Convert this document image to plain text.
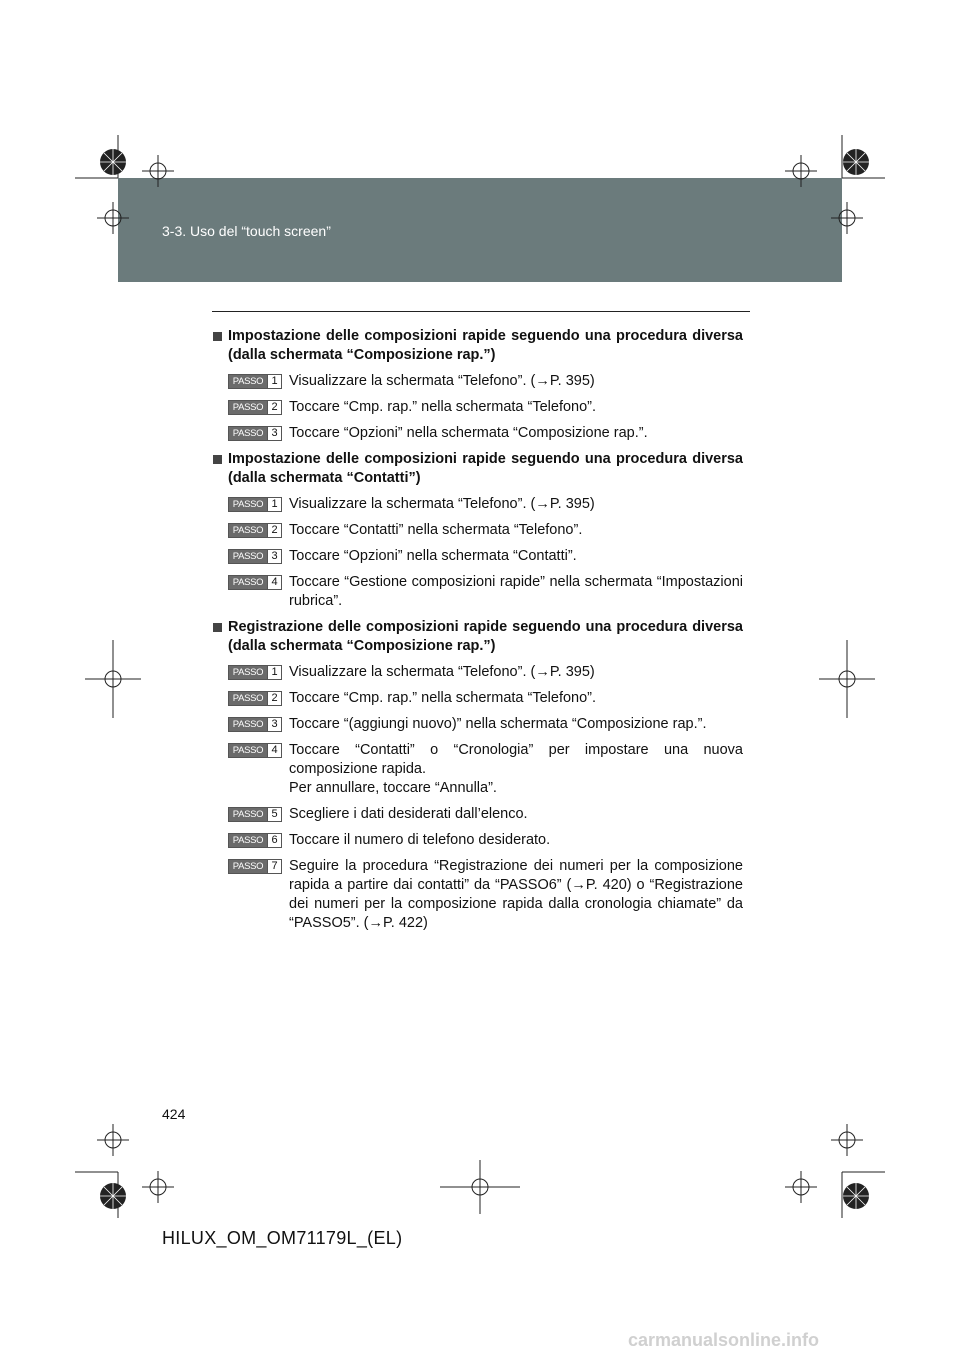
HILUX_OM_OM71179L_(EL).book Page 424 Wednesday, May 16, 2012 11:37 AM
3-3. Uso del “touch screen”
Impostazione delle composizioni rapide seguendo una procedura diversa (dalla schermata “Composizione rap.”)
PASSO 1 Visualizzare la schermata “Telefono”. (→P. 395)
PASSO 2 Toccare “Cmp. rap.” nella schermata “Telefono”.
PASSO 3 Toccare “Opzioni” nella schermata “Composizione rap.”.
Impostazione delle composizioni rapide seguendo una procedura diversa (dalla schermata “Contatti”)
PASSO 1 Visualizzare la schermata “Telefono”. (→P. 395)
PASSO 2 Toccare “Contatti” nella schermata “Telefono”.
PASSO 3 Toccare “Opzioni” nella schermata “Contatti”.
PASSO 4 Toccare “Gestione composizioni rapide” nella schermata “Impostazioni rubrica”.
Registrazione delle composizioni rapide seguendo una procedura diversa (dalla schermata “Composizione rap.”)
PASSO 1 Visualizzare la schermata “Telefono”. (→P. 395)
PASSO 2 Toccare “Cmp. rap.” nella schermata “Telefono”.
PASSO 3 Toccare “(aggiungi nuovo)” nella schermata “Composizione rap.”.
PASSO 4 Toccare “Contatti” o “Cronologia” per impostare una nuova composizione rapida.
Per annullare, toccare “Annulla”.
PASSO 5 Scegliere i dati desiderati dall’elenco.
PASSO 6 Toccare il numero di telefono desiderato.
PASSO 7 Seguire la procedura “Registrazione dei numeri per la composizione rapida a partire dai contatti” da “PASSO6” (→P. 420) o “Registrazione dei numeri per la composizione rapida dalla cronologia chiamate” da “PASSO5”. (→P. 422)
424
HILUX_OM_OM71179L_(EL)
carmanualsonline.info
